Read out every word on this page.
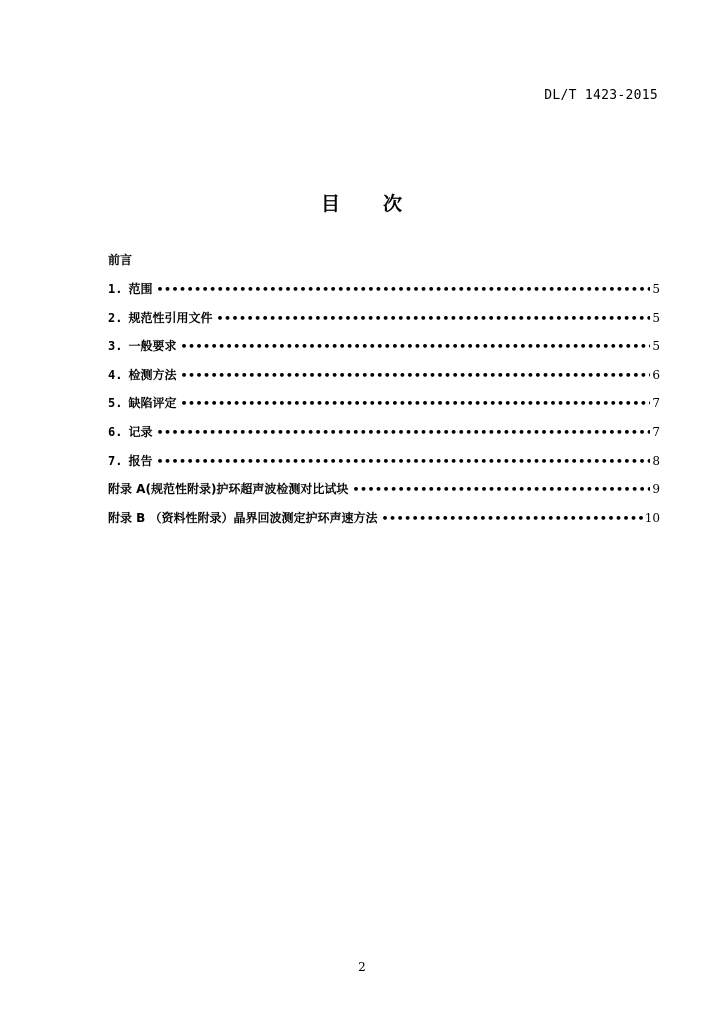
DL/T 1423-2015
目 次
前言
1. 范围 •••••	5
2. 规范性引用文件 •••••	5
3. 一般要求 •••••	5
4. 检测方法 •••••	6
5. 缺陷评定 •••••	7
6. 记录 •••••	7
7. 报告 •••••	8
附录 A(规范性附录)护环超声波检测对比试块 •••••	9
附录 B （资料性附录）晶界回波测定护环声速方法 •••••	10
2
